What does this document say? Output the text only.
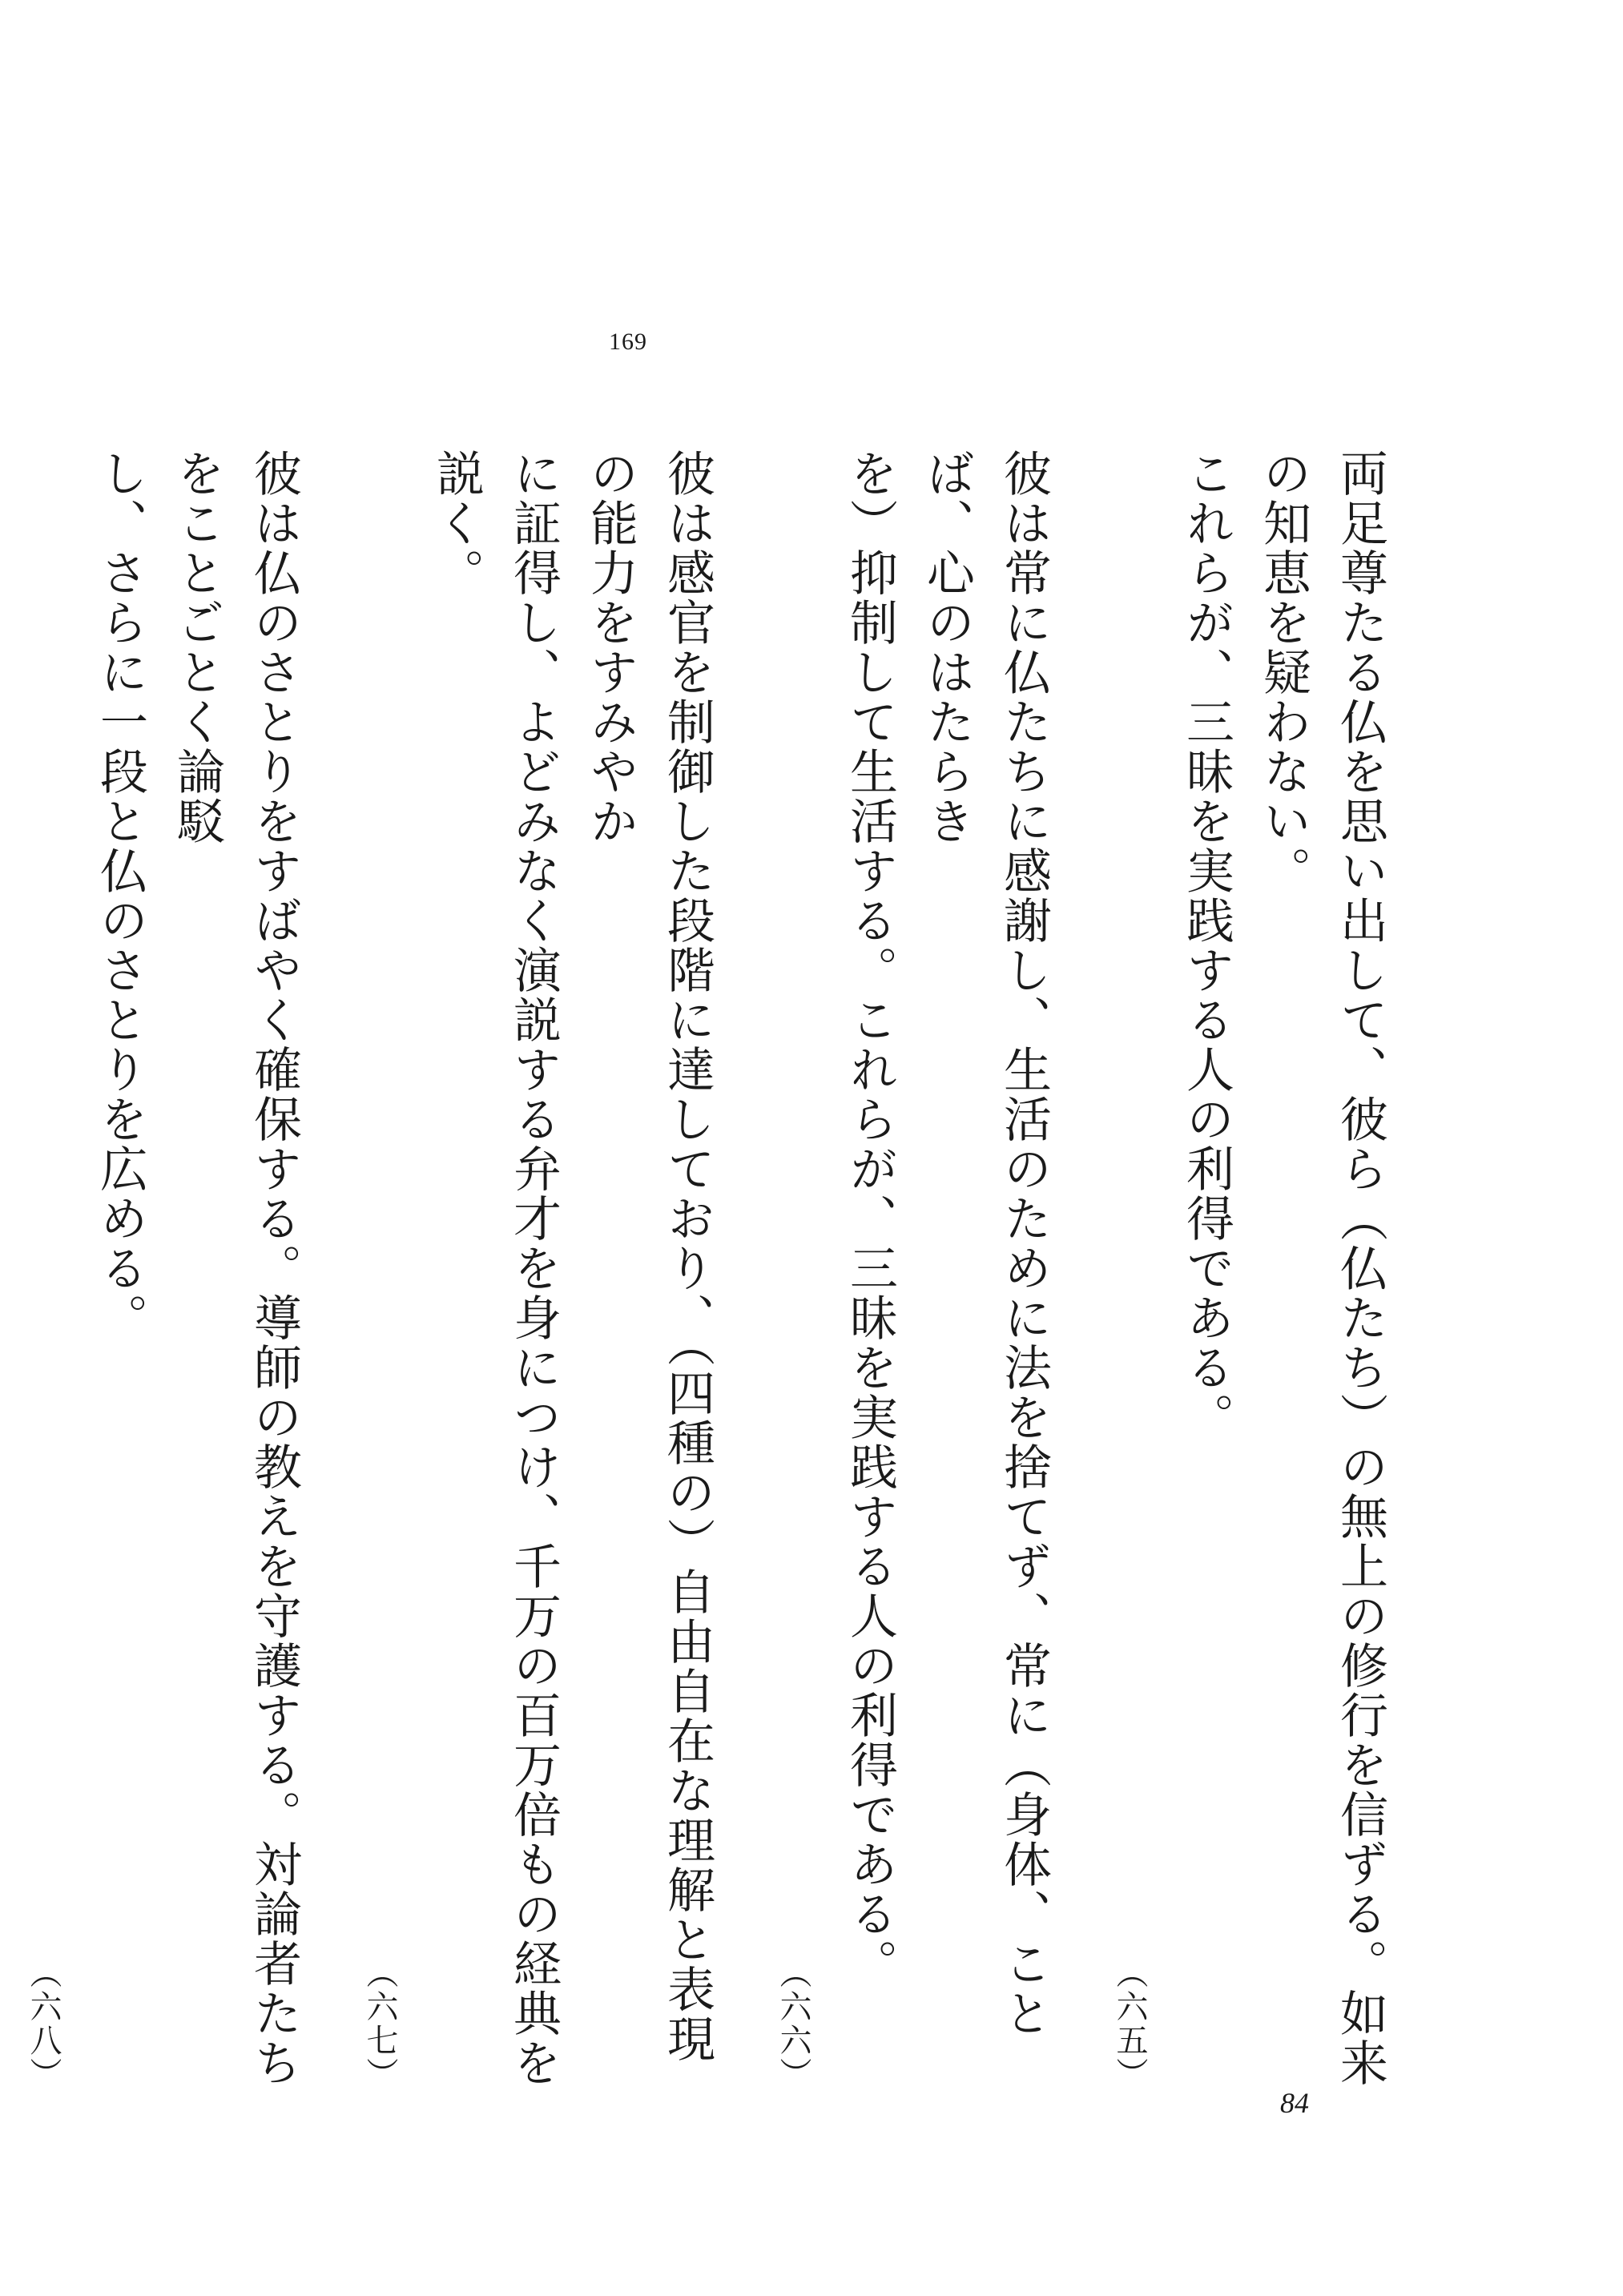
169
両足尊たる仏を思い出して、彼ら（仏たち）の無上の修行を信ずる。如来の知恵を疑わない。
これらが、三昧を実践する人の利得である。
（六五）
彼は常に仏たちに感謝し、生活のために法を捨てず、常に（身体、ことば、心のはたらき
を）抑制して生活する。これらが、三昧を実践する人の利得である。
（六六）
彼は感官を制御した段階に達しており、（四種の）自由自在な理解と表現の能力をすみやか
に証得し、よどみなく演説する弁才を身につけ、千万の百万倍もの経典を説く。
（六七）
彼は仏のさとりをすばやく確保する。導師の教えを守護する。対論者たちをことごとく論駁
し、さらに一段と仏のさとりを広める。
（六八）
84
